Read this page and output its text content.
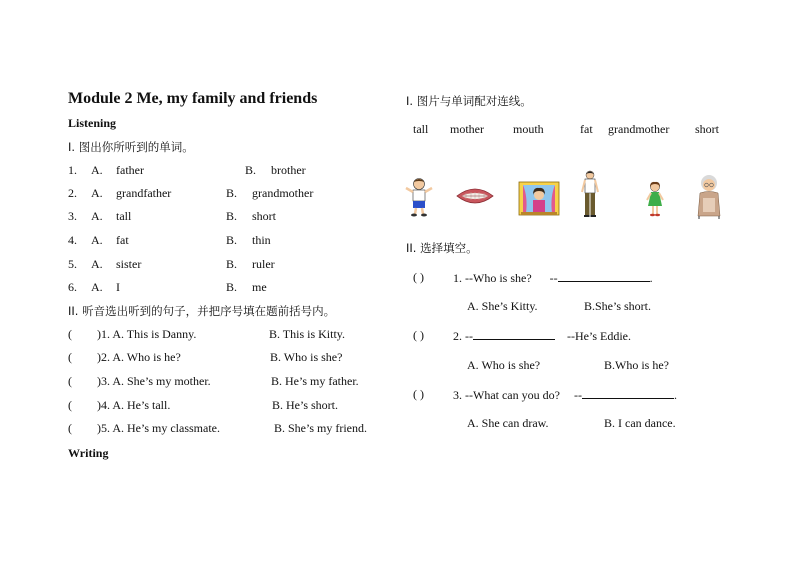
Module 2 Me, my family and friends
Listening
I. 图出你所听到的单词。
1. A. father	B. brother
2. A. grandfather	B. grandmother
3. A. tall	B. short
4. A. fat	B. thin
5. A. sister	B. ruler
6. A. I	B. me
II. 听音选出听到的句子，并把序号填在题前括号内。
( )1. A. This is Danny.	B. This is Kitty.
( )2. A. Who is he?	B. Who is she?
( )3. A. She’s my mother.	B. He’s my father.
( )4. A. He’s tall.	B. He’s short.
( )5. A. He’s my classmate.	B. She’s my friend.
Writing
I. 图片与单词配对连线。
tall mother mouth	fat grandmother short
II. 选择填空。
( ) 1. --Who is she? --	.
A. She’s Kitty.	B.She’s short.
( ) 2. --	--He’s Eddie.
A. Who is she?	B.Who is he?
( ) 3. --What can you do? --	.
A. She can draw.	B. I can dance.
